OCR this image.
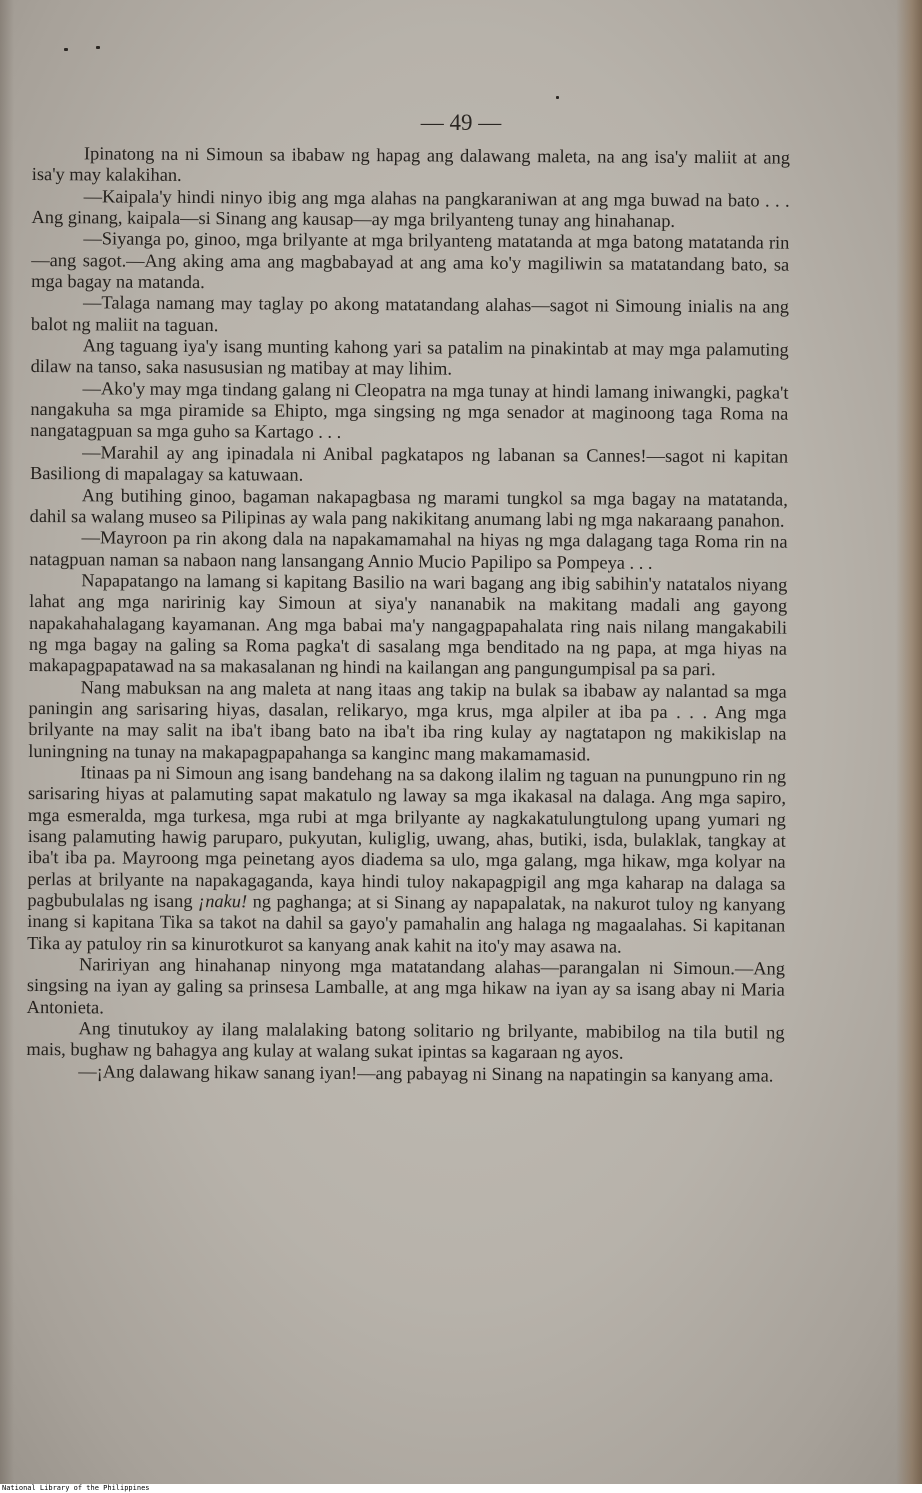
— 49 —

Ipinatong na ni Simoun sa ibabaw ng hapag ang dalawang maleta, na ang isa'y maliit at ang isa'y may kalakihan.

—Kaipala'y hindi ninyo ibig ang mga alahas na pangkaraniwan at ang mga buwad na bato . . . Ang ginang, kaipala—si Sinang ang kausap—ay mga brilyanteng tunay ang hinahanap.

—Siyanga po, ginoo, mga brilyante at mga brilyanteng matatanda at mga batong matatanda rin—ang sagot.—Ang aking ama ang magbabayad at ang ama ko'y magiliwin sa matatandang bato, sa mga bagay na matanda.

—Talaga namang may taglay po akong matatandang alahas—sagot ni Simoung inialis na ang balot ng maliit na taguan.

Ang taguang iya'y isang munting kahong yari sa patalim na pinakintab at may mga palamuting dilaw na tanso, saka nasususian ng matibay at may lihim.

—Ako'y may mga tindang galang ni Cleopatra na mga tunay at hindi lamang iniwangki, pagka't nangakuha sa mga piramide sa Ehipto, mga singsing ng mga senador at maginoong taga Roma na nangatagpuan sa mga guho sa Kartago . . .

—Marahil ay ang ipinadala ni Anibal pagkatapos ng labanan sa Cannes!—sagot ni kapitan Basiliong di mapalagay sa katuwaan.

Ang butihing ginoo, bagaman nakapagbasa ng marami tungkol sa mga bagay na matatanda, dahil sa walang museo sa Pilipinas ay wala pang nakikitang anumang labi ng mga nakaraang panahon.

—Mayroon pa rin akong dala na napakamamahal na hiyas ng mga dalagang taga Roma rin na natagpuan naman sa nabaon nang lansangang Annio Mucio Papilipo sa Pompeya . . .

Napapatango na lamang si kapitang Basilio na wari bagang ang ibig sabihin'y natatalos niyang lahat ang mga naririnig kay Simoun at siya'y nananabik na makitang madali ang gayong napakahahalagang kayamanan. Ang mga babai ma'y nangagpapahalata ring nais nilang mangakabili ng mga bagay na galing sa Roma pagka't di sasalang mga benditado na ng papa, at mga hiyas na makapagpapatawad na sa makasalanan ng hindi na kailangan ang pangungumpisal pa sa pari.

Nang mabuksan na ang maleta at nang itaas ang takip na bulak sa ibabaw ay nalantad sa mga paningin ang sarisaring hiyas, dasalan, relikaryo, mga krus, mga alpiler at iba pa . . . Ang mga brilyante na may salit na iba't ibang bato na iba't iba ring kulay ay nagtatapon ng makikislap na luningning na tunay na makapagpapahanga sa kanginc mang makamamasid.

Itinaas pa ni Simoun ang isang bandehang na sa dakong ilalim ng taguan na punungpuno rin ng sarisaring hiyas at palamuting sapat makatulo ng laway sa mga ikakasal na dalaga. Ang mga sapiro, mga esmeralda, mga turkesa, mga rubi at mga brilyante ay nagkakatulungtulong upang yumari ng isang palamuting hawig paruparo, pukyutan, kuliglig, uwang, ahas, butiki, isda, bulaklak, tangkay at iba't iba pa. Mayroong mga peinetang ayos diadema sa ulo, mga galang, mga hikaw, mga kolyar na perlas at brilyante na napakagaganda, kaya hindi tuloy nakapagpigil ang mga kaharap na dalaga sa pagbubulalas ng isang ¡naku! ng paghanga; at si Sinang ay napapalatak, na nakurot tuloy ng kanyang inang si kapitana Tika sa takot na dahil sa gayo'y pamahalin ang halaga ng magaalahas. Si kapitanan Tika ay patuloy rin sa kinurotkurot sa kanyang anak kahit na ito'y may asawa na.

Naririyan ang hinahanap ninyong mga matatandang alahas—parangalan ni Simoun.—Ang singsing na iyan ay galing sa prinsesa Lamballe, at ang mga hikaw na iyan ay sa isang abay ni Maria Antonieta.

Ang tinutukoy ay ilang malalaking batong solitario ng brilyante, mabibilog na tila butil ng mais, bughaw ng bahagya ang kulay at walang sukat ipintas sa kagaraan ng ayos.

—¡Ang dalawang hikaw sanang iyan!—ang pabayag ni Sinang na napatingin sa kanyang ama.

National Library of the Philippines
